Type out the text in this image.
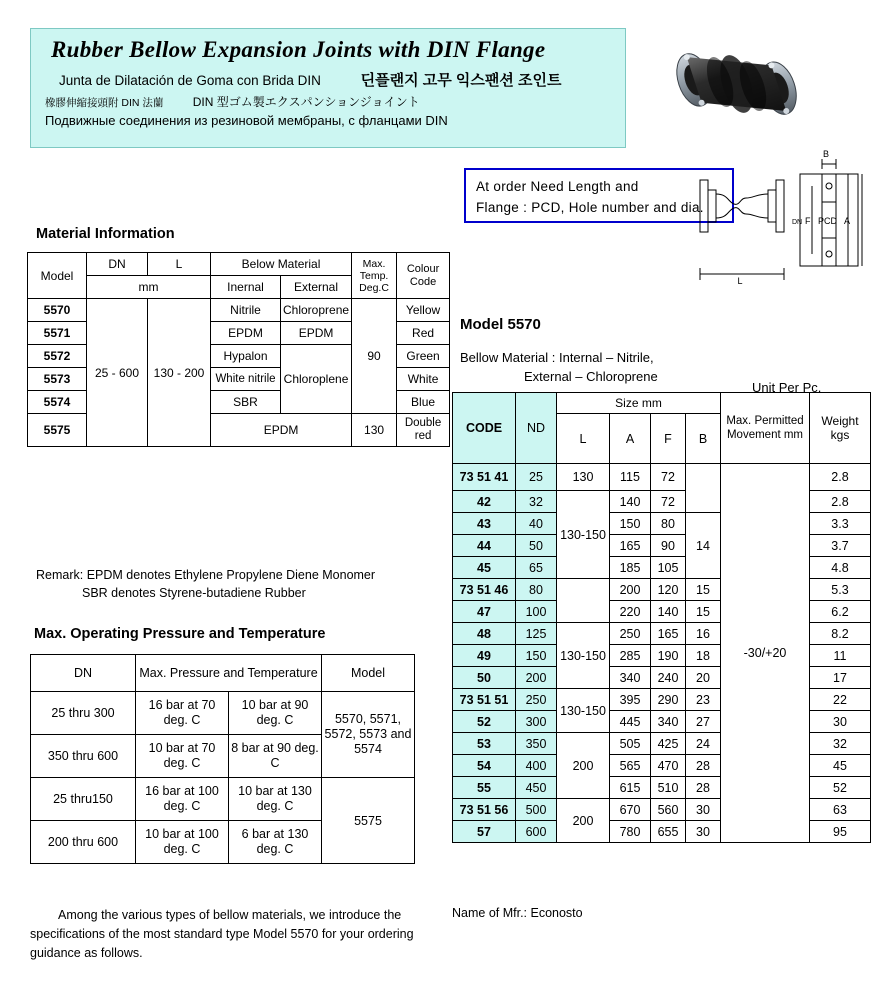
Rubber Bellow Expansion Joints with DIN Flange
Junta de Dilatación de Goma con Brida DIN	딘플랜지 고무 익스팬션 조인트
橡膠伸縮接頭附 DIN 法蘭 DIN 型ゴム製エクスパンションジョイント
Подвижные соединения из резиновой мембраны, с фланцами DIN
At order Need Length and
Flange : PCD, Hole number and dia.
B
L
DN F PCD A
Material Information
Model	DN	L	Below Material		Max. Temp. Deg.C	Colour Code
	mm		Inernal	External		
5570	25 - 600	130 - 200	Nitrile	Chloroprene	90	Yellow
5571			EPDM	EPDM		Red
5572			Hypalon	Chloroplene		Green
5573			White nitrile			White
5574			SBR			Blue
5575			EPDM		130	Double red
Remark: EPDM denotes Ethylene Propylene Diene Monomer
SBR denotes Styrene-butadiene Rubber
Max. Operating Pressure and Temperature
DN	Max. Pressure and Temperature		Model
25 thru 300	16 bar at 70 deg. C	10 bar at 90 deg. C	5570, 5571, 5572, 5573 and 5574
350 thru 600	10 bar at 70 deg. C	8 bar at 90 deg. C	
25 thru150	16 bar at 100 deg. C	10 bar at 130 deg. C	5575
200 thru 600	10 bar at 100 deg. C	6 bar at 130 deg. C	
Among the various types of bellow materials, we introduce the specifications of the most standard type Model 5570 for your ordering guidance as follows.
Model 5570
Bellow Material : Internal – Nitrile,
External – Chloroprene
Unit Per Pc.
CODE	ND	Size mm				Max. Permitted Movement mm	Weight kgs
		L	A	F	B		

73 51 41	25	130	115	72		-30/+20	2.8
42	32	130-150	140	72			2.8
43	40		150	80	14		3.3
44	50		165	90			3.7
45	65		185	105			4.8
73 51 46	80		200	120	15		5.3
47	100		220	140	15		6.2
48	125	130-150	250	165	16		8.2
49	150		285	190	18		11
50	200		340	240	20		17
73 51 51	250	130-150	395	290	23		22
52	300		445	340	27		30
53	350	200	505	425	24		32
54	400		565	470	28		45
55	450		615	510	28		52
73 51 56	500	200	670	560	30		63
57	600		780	655	30		95
Name of Mfr.: Econosto
